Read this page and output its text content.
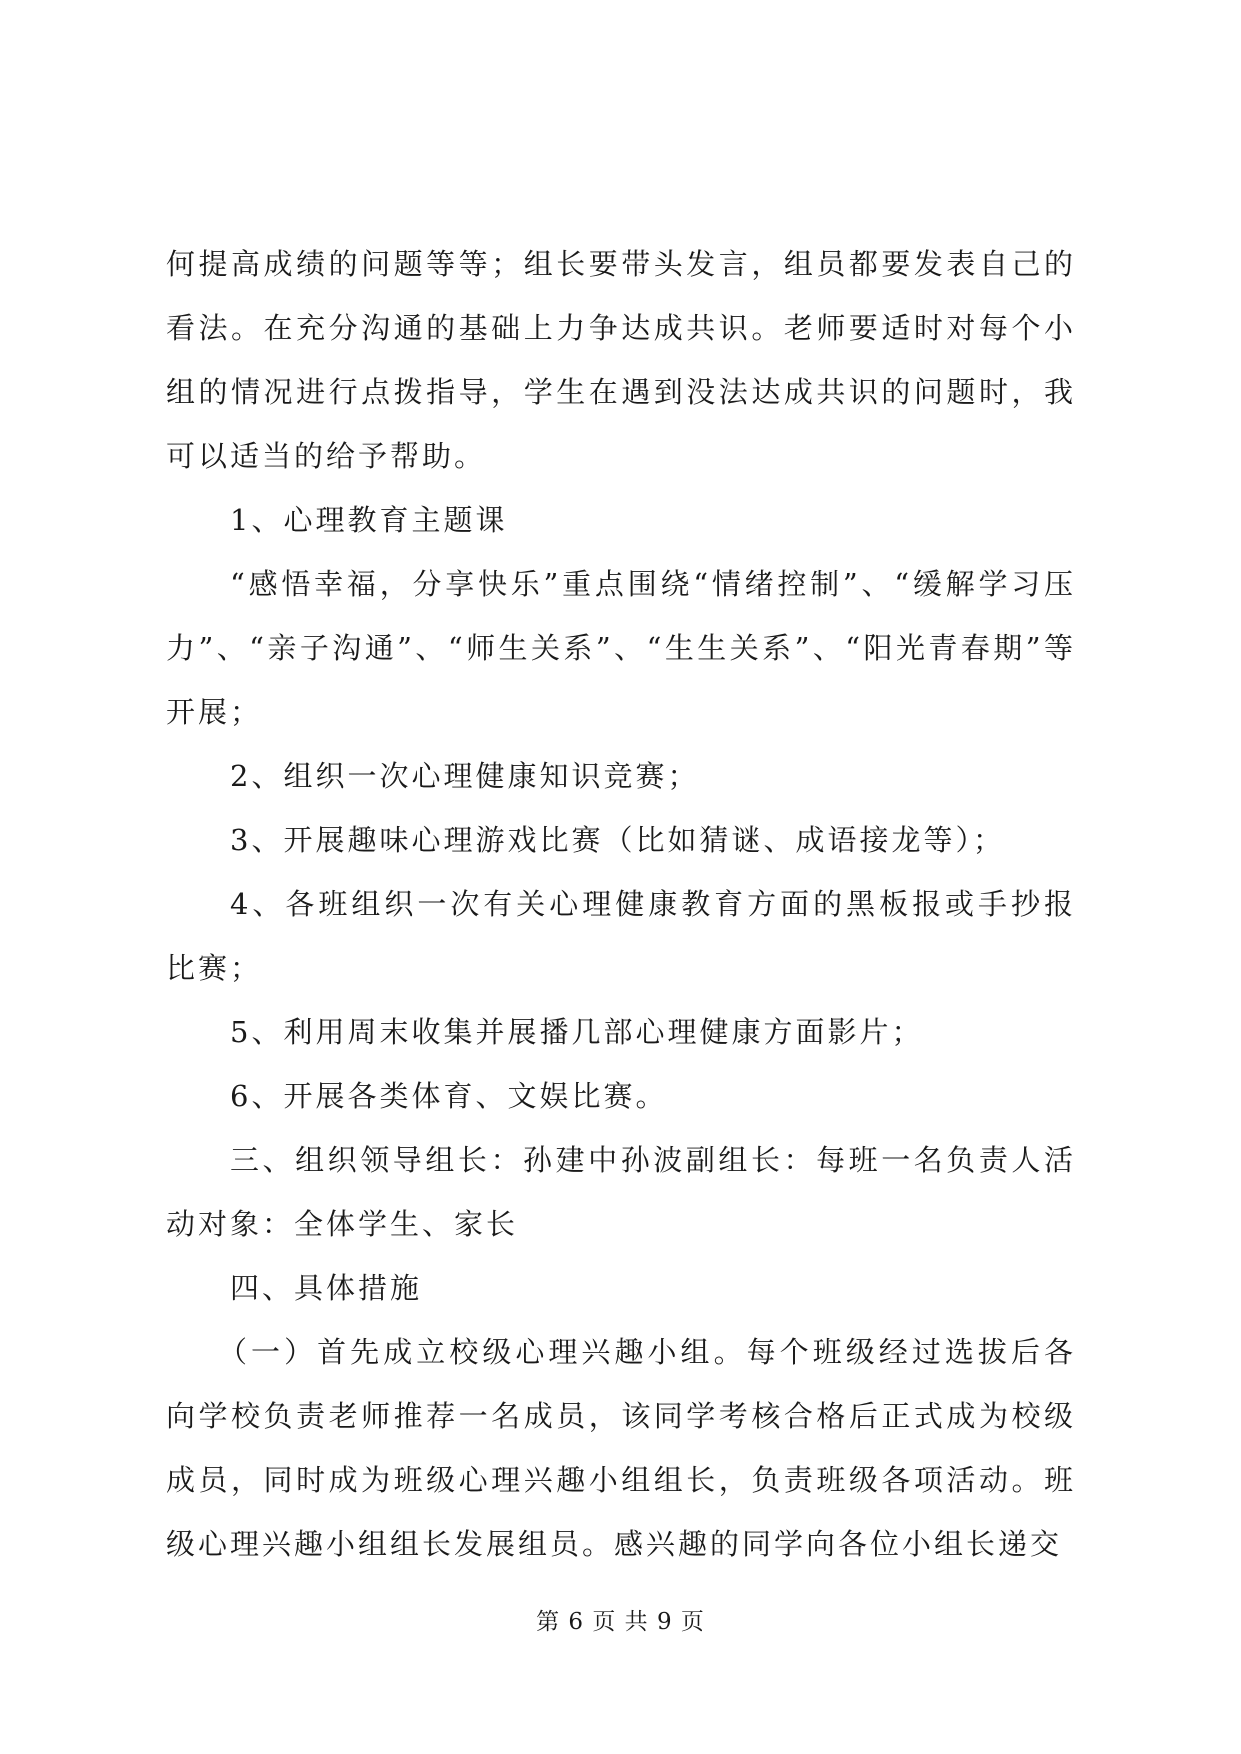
何提高成绩的问题等等；组长要带头发言，组员都要发表自己的看法。在充分沟通的基础上力争达成共识。老师要适时对每个小组的情况进行点拨指导，学生在遇到没法达成共识的问题时，我可以适当的给予帮助。

1、心理教育主题课

“感悟幸福，分享快乐”重点围绕“情绪控制”、“缓解学习压力”、“亲子沟通”、“师生关系”、“生生关系”、“阳光青春期”等开展；

2、组织一次心理健康知识竞赛；

3、开展趣味心理游戏比赛（比如猜谜、成语接龙等）；

4、各班组织一次有关心理健康教育方面的黑板报或手抄报比赛；

5、利用周末收集并展播几部心理健康方面影片；

6、开展各类体育、文娱比赛。

三、组织领导组长：孙建中孙波副组长：每班一名负责人活动对象：全体学生、家长

四、具体措施

（一）首先成立校级心理兴趣小组。每个班级经过选拔后各向学校负责老师推荐一名成员，该同学考核合格后正式成为校级成员，同时成为班级心理兴趣小组组长，负责班级各项活动。班级心理兴趣小组组长发展组员。感兴趣的同学向各位小组长递交

第 6 页 共 9 页
